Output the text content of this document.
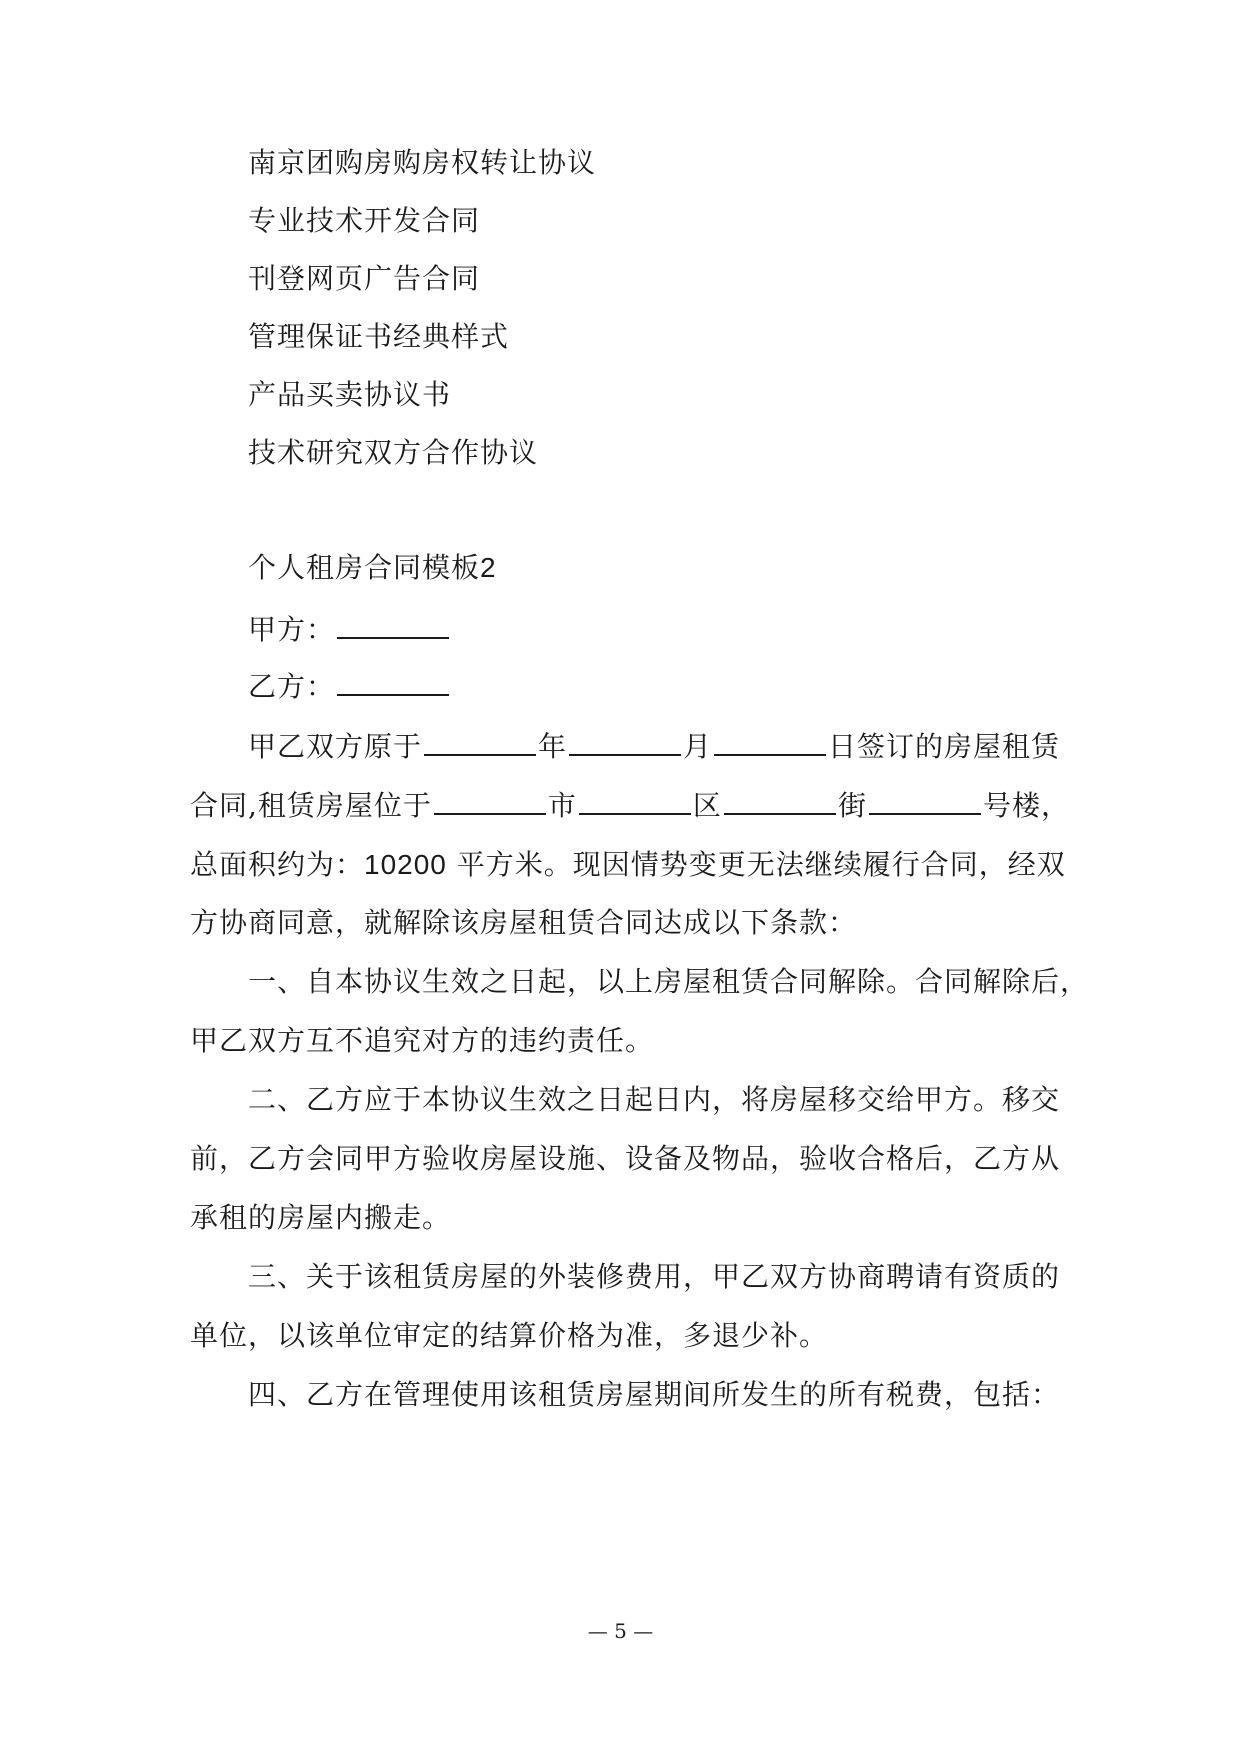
南京团购房购房权转让协议
专业技术开发合同
刊登网页广告合同
管理保证书经典样式
产品买卖协议书
技术研究双方合作协议
个人租房合同模板2
甲方：
乙方：
甲乙双方原于	年	月	日签订的房屋租赁
合同,租赁房屋位于	市	区	街	号楼，
总面积约为：10200 平方米。现因情势变更无法继续履行合同，经双
方协商同意，就解除该房屋租赁合同达成以下条款：
一、自本协议生效之日起，以上房屋租赁合同解除。合同解除后，
甲乙双方互不追究对方的违约责任。
二、乙方应于本协议生效之日起日内，将房屋移交给甲方。移交
前，乙方会同甲方验收房屋设施、设备及物品，验收合格后，乙方从
承租的房屋内搬走。
三、关于该租赁房屋的外装修费用，甲乙双方协商聘请有资质的
单位，以该单位审定的结算价格为准，多退少补。
四、乙方在管理使用该租赁房屋期间所发生的所有税费，包括：
— 5 —
